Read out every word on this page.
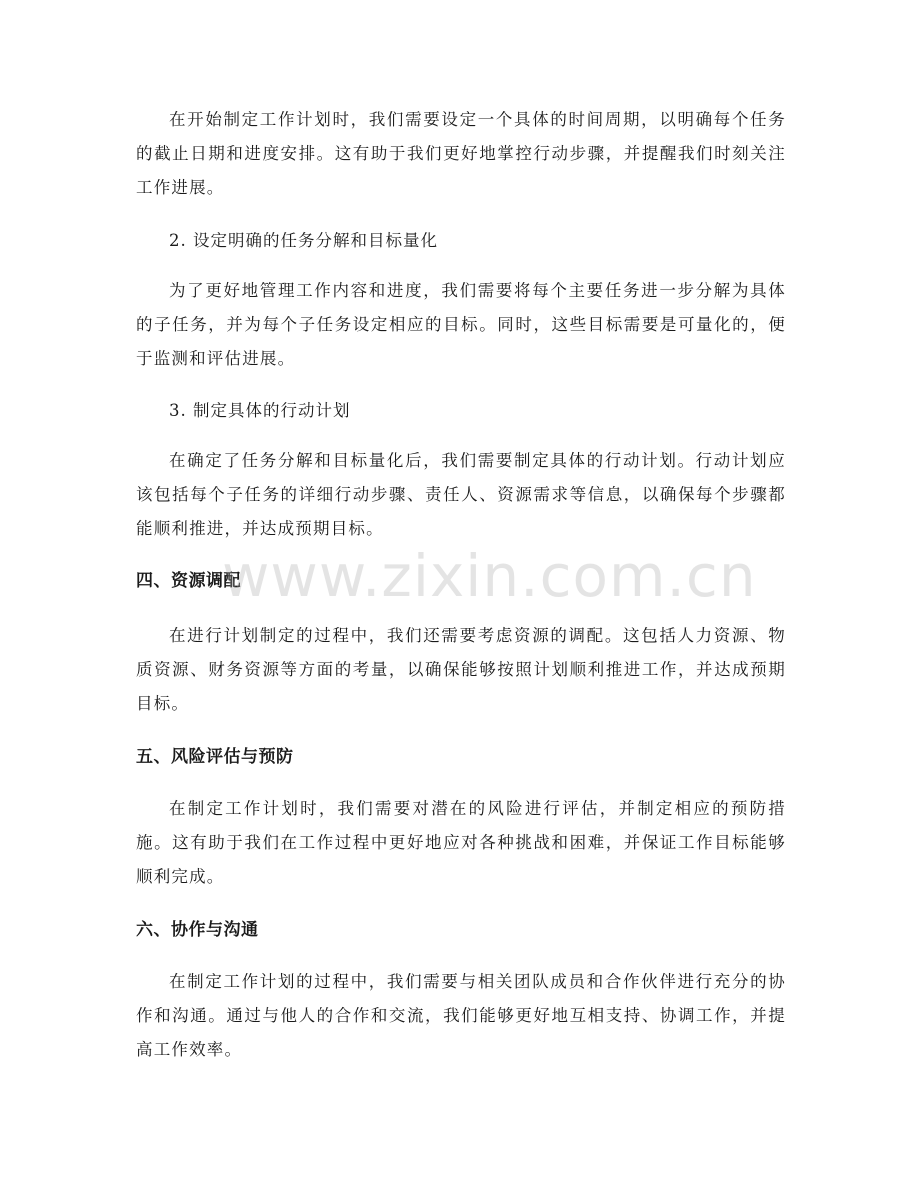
在开始制定工作计划时，我们需要设定一个具体的时间周期，以明确每个任务的截止日期和进度安排。这有助于我们更好地掌控行动步骤，并提醒我们时刻关注工作进展。

2. 设定明确的任务分解和目标量化

为了更好地管理工作内容和进度，我们需要将每个主要任务进一步分解为具体的子任务，并为每个子任务设定相应的目标。同时，这些目标需要是可量化的，便于监测和评估进展。

3. 制定具体的行动计划

在确定了任务分解和目标量化后，我们需要制定具体的行动计划。行动计划应该包括每个子任务的详细行动步骤、责任人、资源需求等信息，以确保每个步骤都能顺利推进，并达成预期目标。

四、资源调配

在进行计划制定的过程中，我们还需要考虑资源的调配。这包括人力资源、物质资源、财务资源等方面的考量，以确保能够按照计划顺利推进工作，并达成预期目标。

五、风险评估与预防

在制定工作计划时，我们需要对潜在的风险进行评估，并制定相应的预防措施。这有助于我们在工作过程中更好地应对各种挑战和困难，并保证工作目标能够顺利完成。

六、协作与沟通

在制定工作计划的过程中，我们需要与相关团队成员和合作伙伴进行充分的协作和沟通。通过与他人的合作和交流，我们能够更好地互相支持、协调工作，并提高工作效率。

www.zixin.com.cn
